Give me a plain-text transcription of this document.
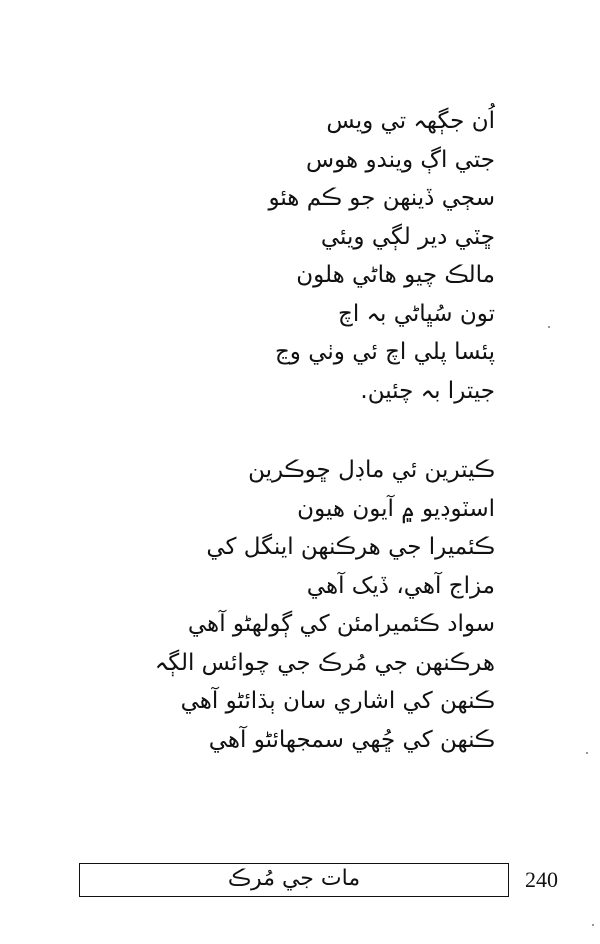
اُن جڳهہ تي ويس
جتي اڳ ويندو هوس
سڄي ڏينهن جو ڪم هئو
ڇٽي دير لڳي ويئي
مالڪ چيو هاڻي هلون
تون سُڀاڻي بہ اچ
پئسا پلي اچ ئي وٺي وڃ
جيترا بہ چئين.
ڪيترين ئي ماڊل ڇوڪرين
اسٽوڊيو ۾ آيون هيون
ڪئميرا جي هرڪنهن اينگل کي
مزاج آهي، ڏيک آهي
سواد ڪئميرامئن کي ڳولهڻو آهي
هرڪنهن جي مُرڪ جي چوائس الڳہ
ڪنهن کي اشاري سان ٻڌائڻو آهي
ڪنهن کي ڇُهي سمجهائڻو آهي
مات جي مُرڪ	240
